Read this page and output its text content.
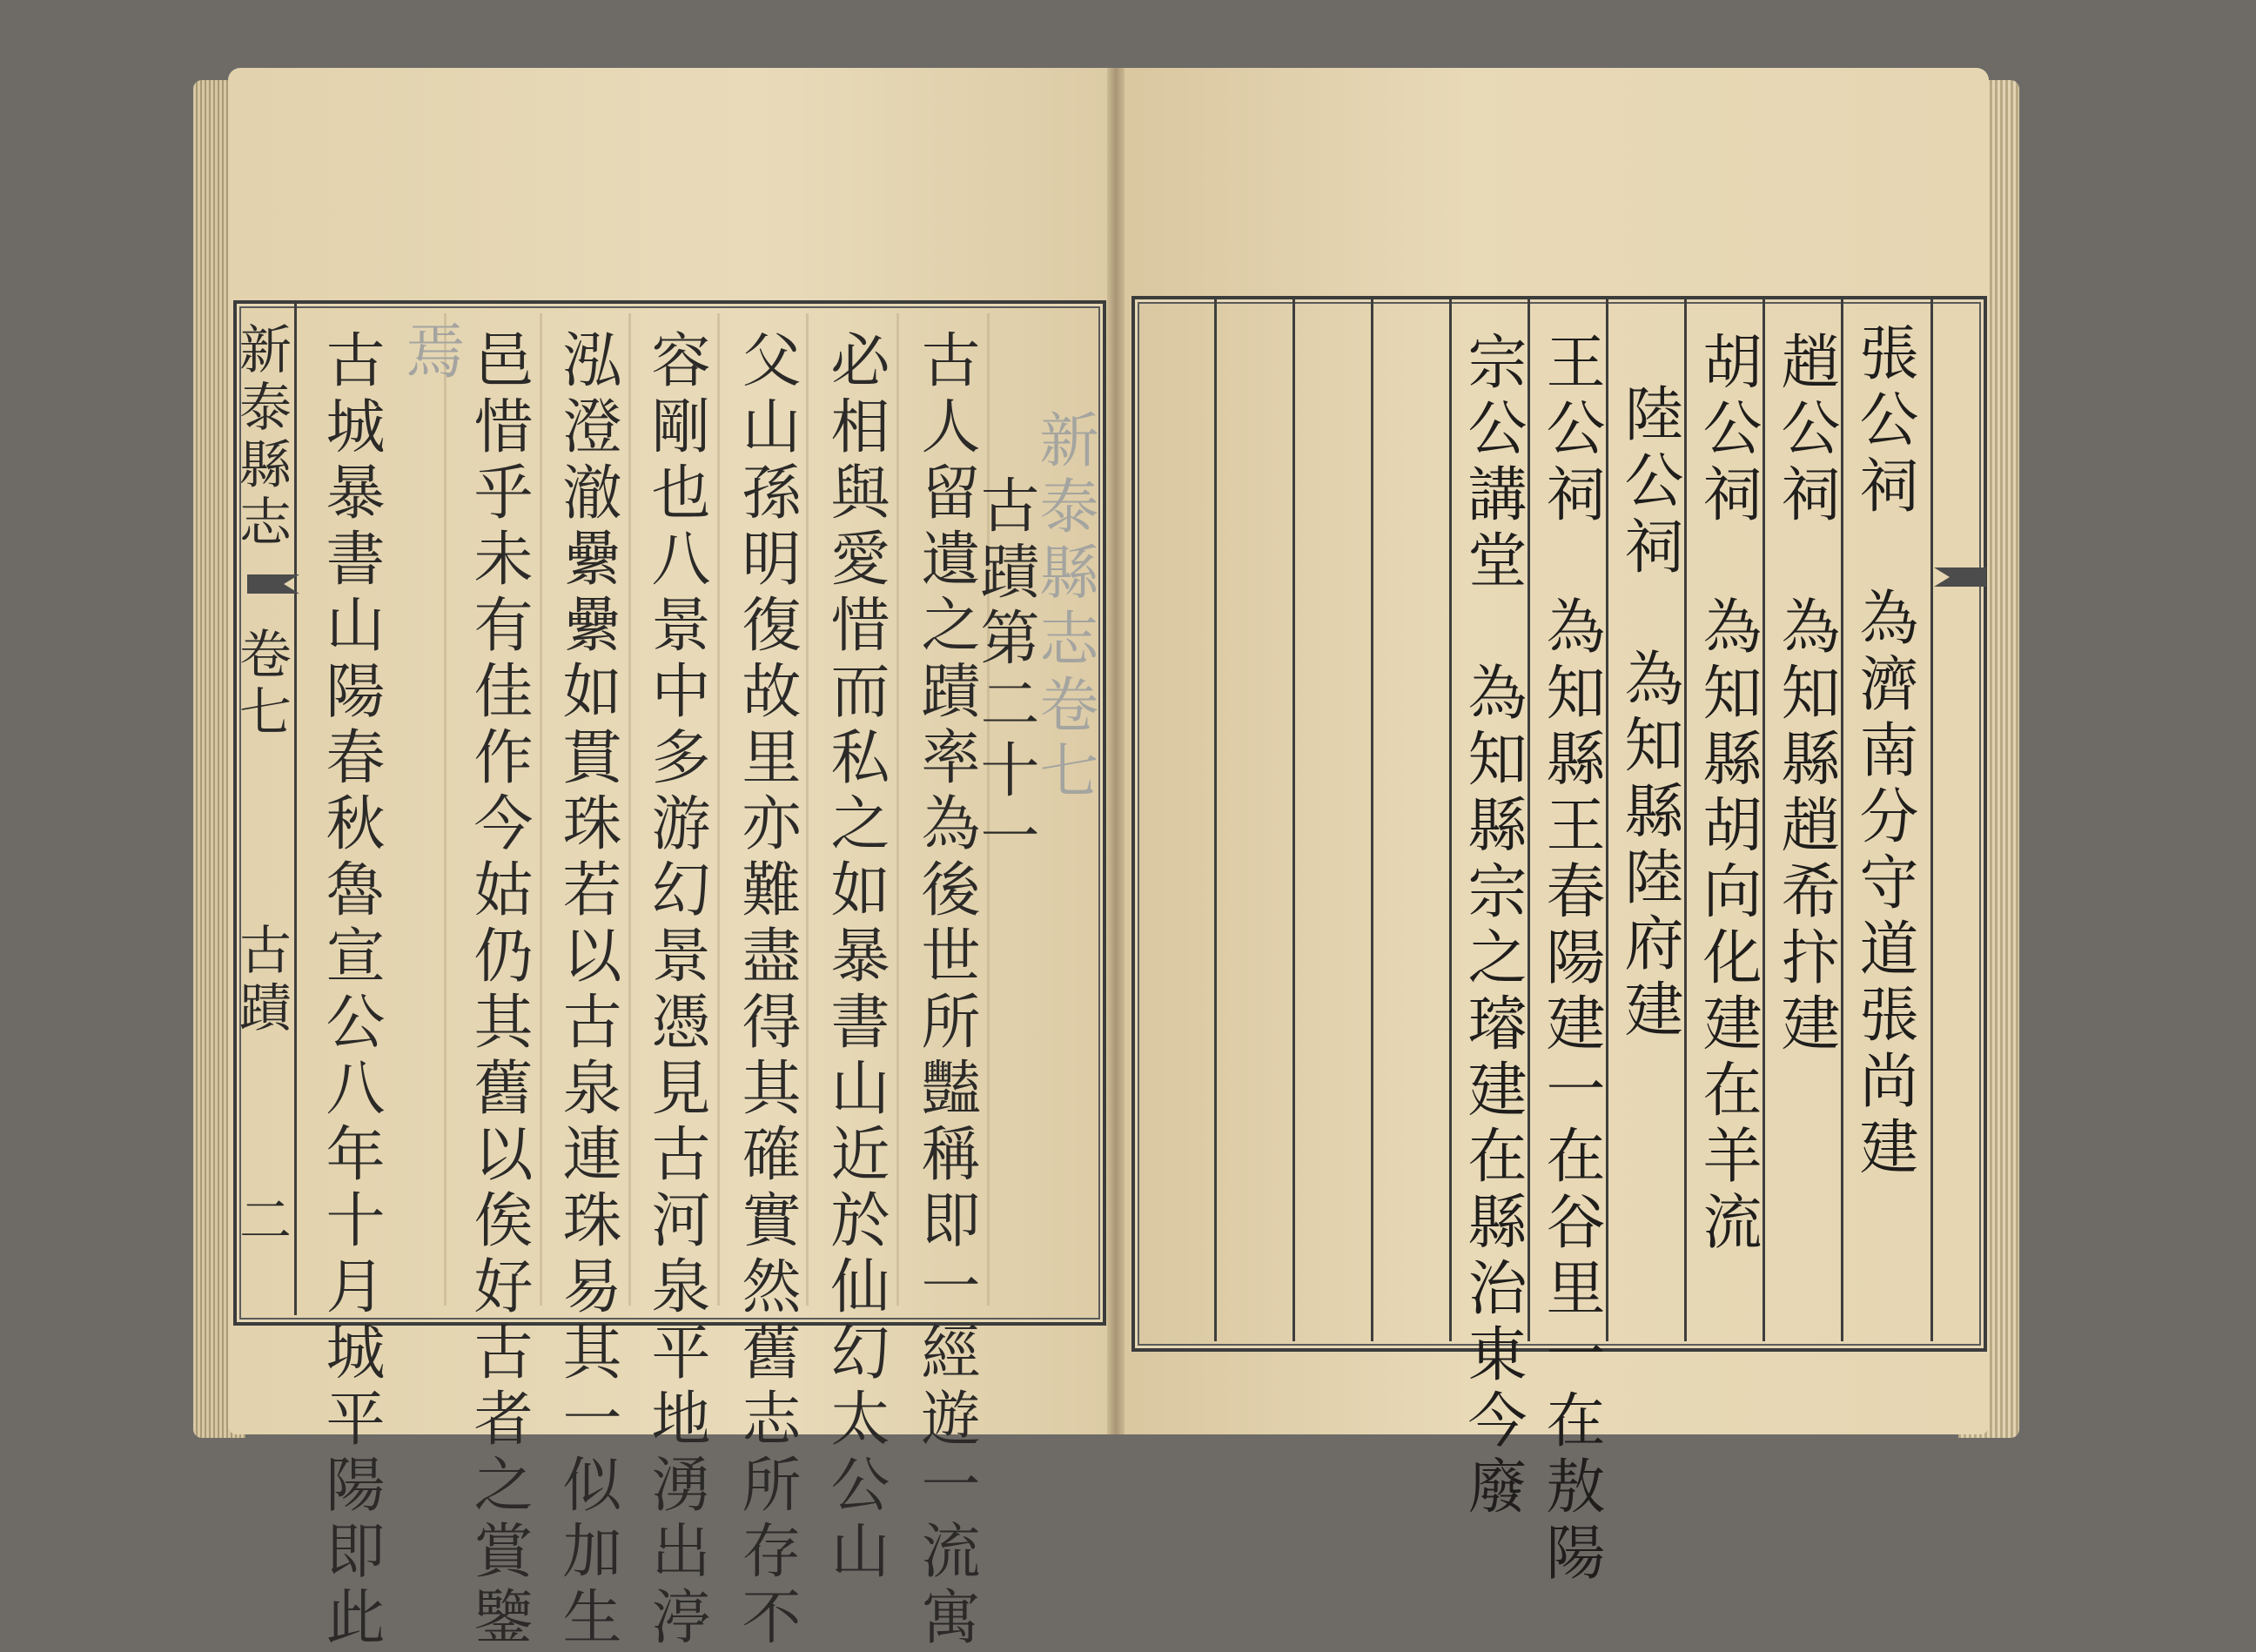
新泰縣志
卷七
古蹟
二 古城暴書山陽春秋魯宣公八年十月城平陽即此 焉 邑惜乎未有佳作今姑仍其舊以俟好古者之賞鑒 泓澄澈纍纍如貫珠若以古泉連珠易其一似加生 容剛也八景中多游幻景憑見古河泉平地湧出渟 父山孫明復故里亦難盡得其確實然舊志所存不 必相與愛惜而私之如暴書山近於仙幻太公山 古人留遺之蹟率為後世所豔稱即一經遊一流寓
古蹟第二十一
新泰縣志卷七	張公祠　為濟南分守道張尚建
趙公祠　為知縣趙希抃建
胡公祠　為知縣胡向化建在羊流
陸公祠　為知縣陸府建
王公祠　為知縣王春陽建一在谷里一在敖陽
宗公講堂　為知縣宗之璿建在縣治東今廢
